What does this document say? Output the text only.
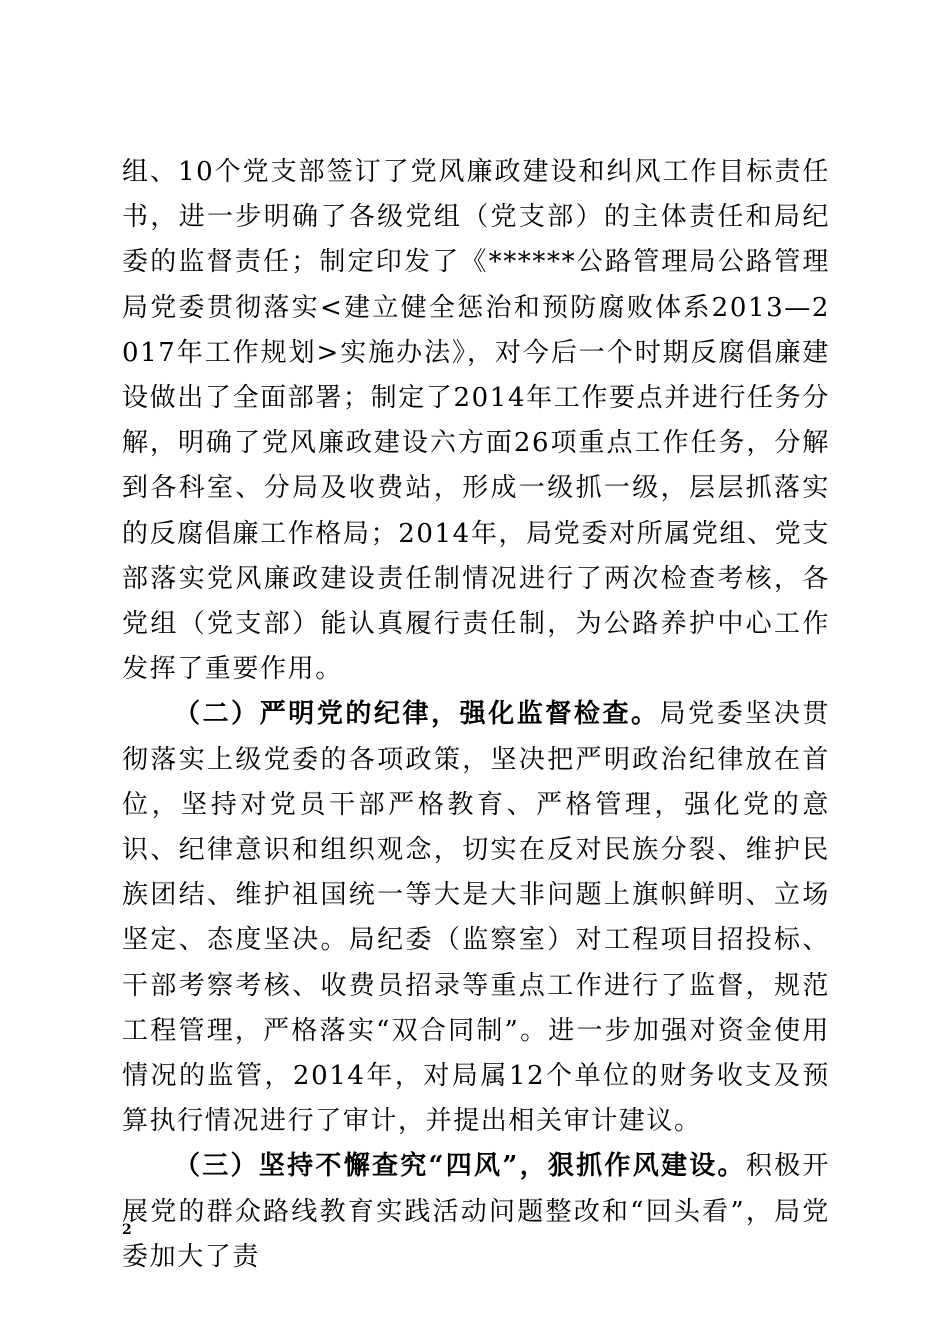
组、10个党支部签订了党风廉政建设和纠风工作目标责任书，进一步明确了各级党组（党支部）的主体责任和局纪委的监督责任；制定印发了《******公路管理局公路管理局党委贯彻落实<建立健全惩治和预防腐败体系2013—2017年工作规划>实施办法》，对今后一个时期反腐倡廉建设做出了全面部署；制定了2014年工作要点并进行任务分解，明确了党风廉政建设六方面26项重点工作任务，分解到各科室、分局及收费站，形成一级抓一级，层层抓落实的反腐倡廉工作格局；2014年，局党委对所属党组、党支部落实党风廉政建设责任制情况进行了两次检查考核，各党组（党支部）能认真履行责任制，为公路养护中心工作发挥了重要作用。

（二）严明党的纪律，强化监督检查。局党委坚决贯彻落实上级党委的各项政策，坚决把严明政治纪律放在首位，坚持对党员干部严格教育、严格管理，强化党的意识、纪律意识和组织观念，切实在反对民族分裂、维护民族团结、维护祖国统一等大是大非问题上旗帜鲜明、立场坚定、态度坚决。局纪委（监察室）对工程项目招投标、干部考察考核、收费员招录等重点工作进行了监督，规范工程管理，严格落实“双合同制”。进一步加强对资金使用情况的监管，2014年，对局属12个单位的财务收支及预算执行情况进行了审计，并提出相关审计建议。

（三）坚持不懈查究“四风”，狠抓作风建设。积极开展党的群众路线教育实践活动问题整改和“回头看”，局党委加大了责

2
